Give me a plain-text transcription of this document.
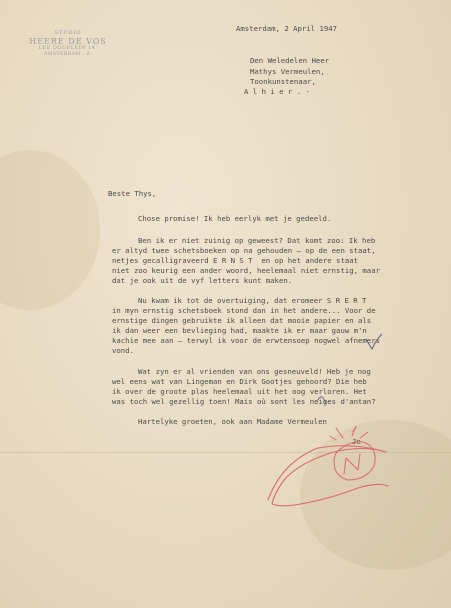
STUDIO
HEERE DE VOS
LEE DOUPLEIN 14'
AMSTERDAM - Z.
Amsterdam, 2 April 1947
Den Weledelen Heer
Mathys Vermeulen,
Toonkunstenaar,
A l h i e r . -
Beste Thys,
Chose promise! Ik heb eerlyk met je gedeeld.
Ben ik er niet zuinig op geweest? Dat komt zoo: Ik heb
er altyd twee schetsboeken op na gehouden — op de een staat,
netjes gecalligraveerd E R N S T  en op het andere staat
niet zoo keurig een ander woord, heelemaal niet ernstig, maar
dat je ook uit de vyf letters kunt maken.
Nu kwam ik tot de overtuiging, dat eromeer S R E R T
in myn ernstig schetsboek stond dan in het andere... Voor de
ernstige dingen gebruikte ik alleen dat mooie papier en als
ik dan weer een bevlieging had, maakte ik er maar gauw m'n
kachie mee aan — terwyl ik voor de erwtensoep nogwel afnemers
vond.
Wat zyn er al vrienden van ons gesneuveld! Heb je nog
wel eens wat van Lingeman en Dirk Gootjes gehoord? Die heb
ik over de groote plas heelemaal uit het oog verloren. Het
was toch wel gezellig toen! Mais où sont les neiges d'antan?
Hartelyke groeten, ook aan Madame Vermeulen
Je
